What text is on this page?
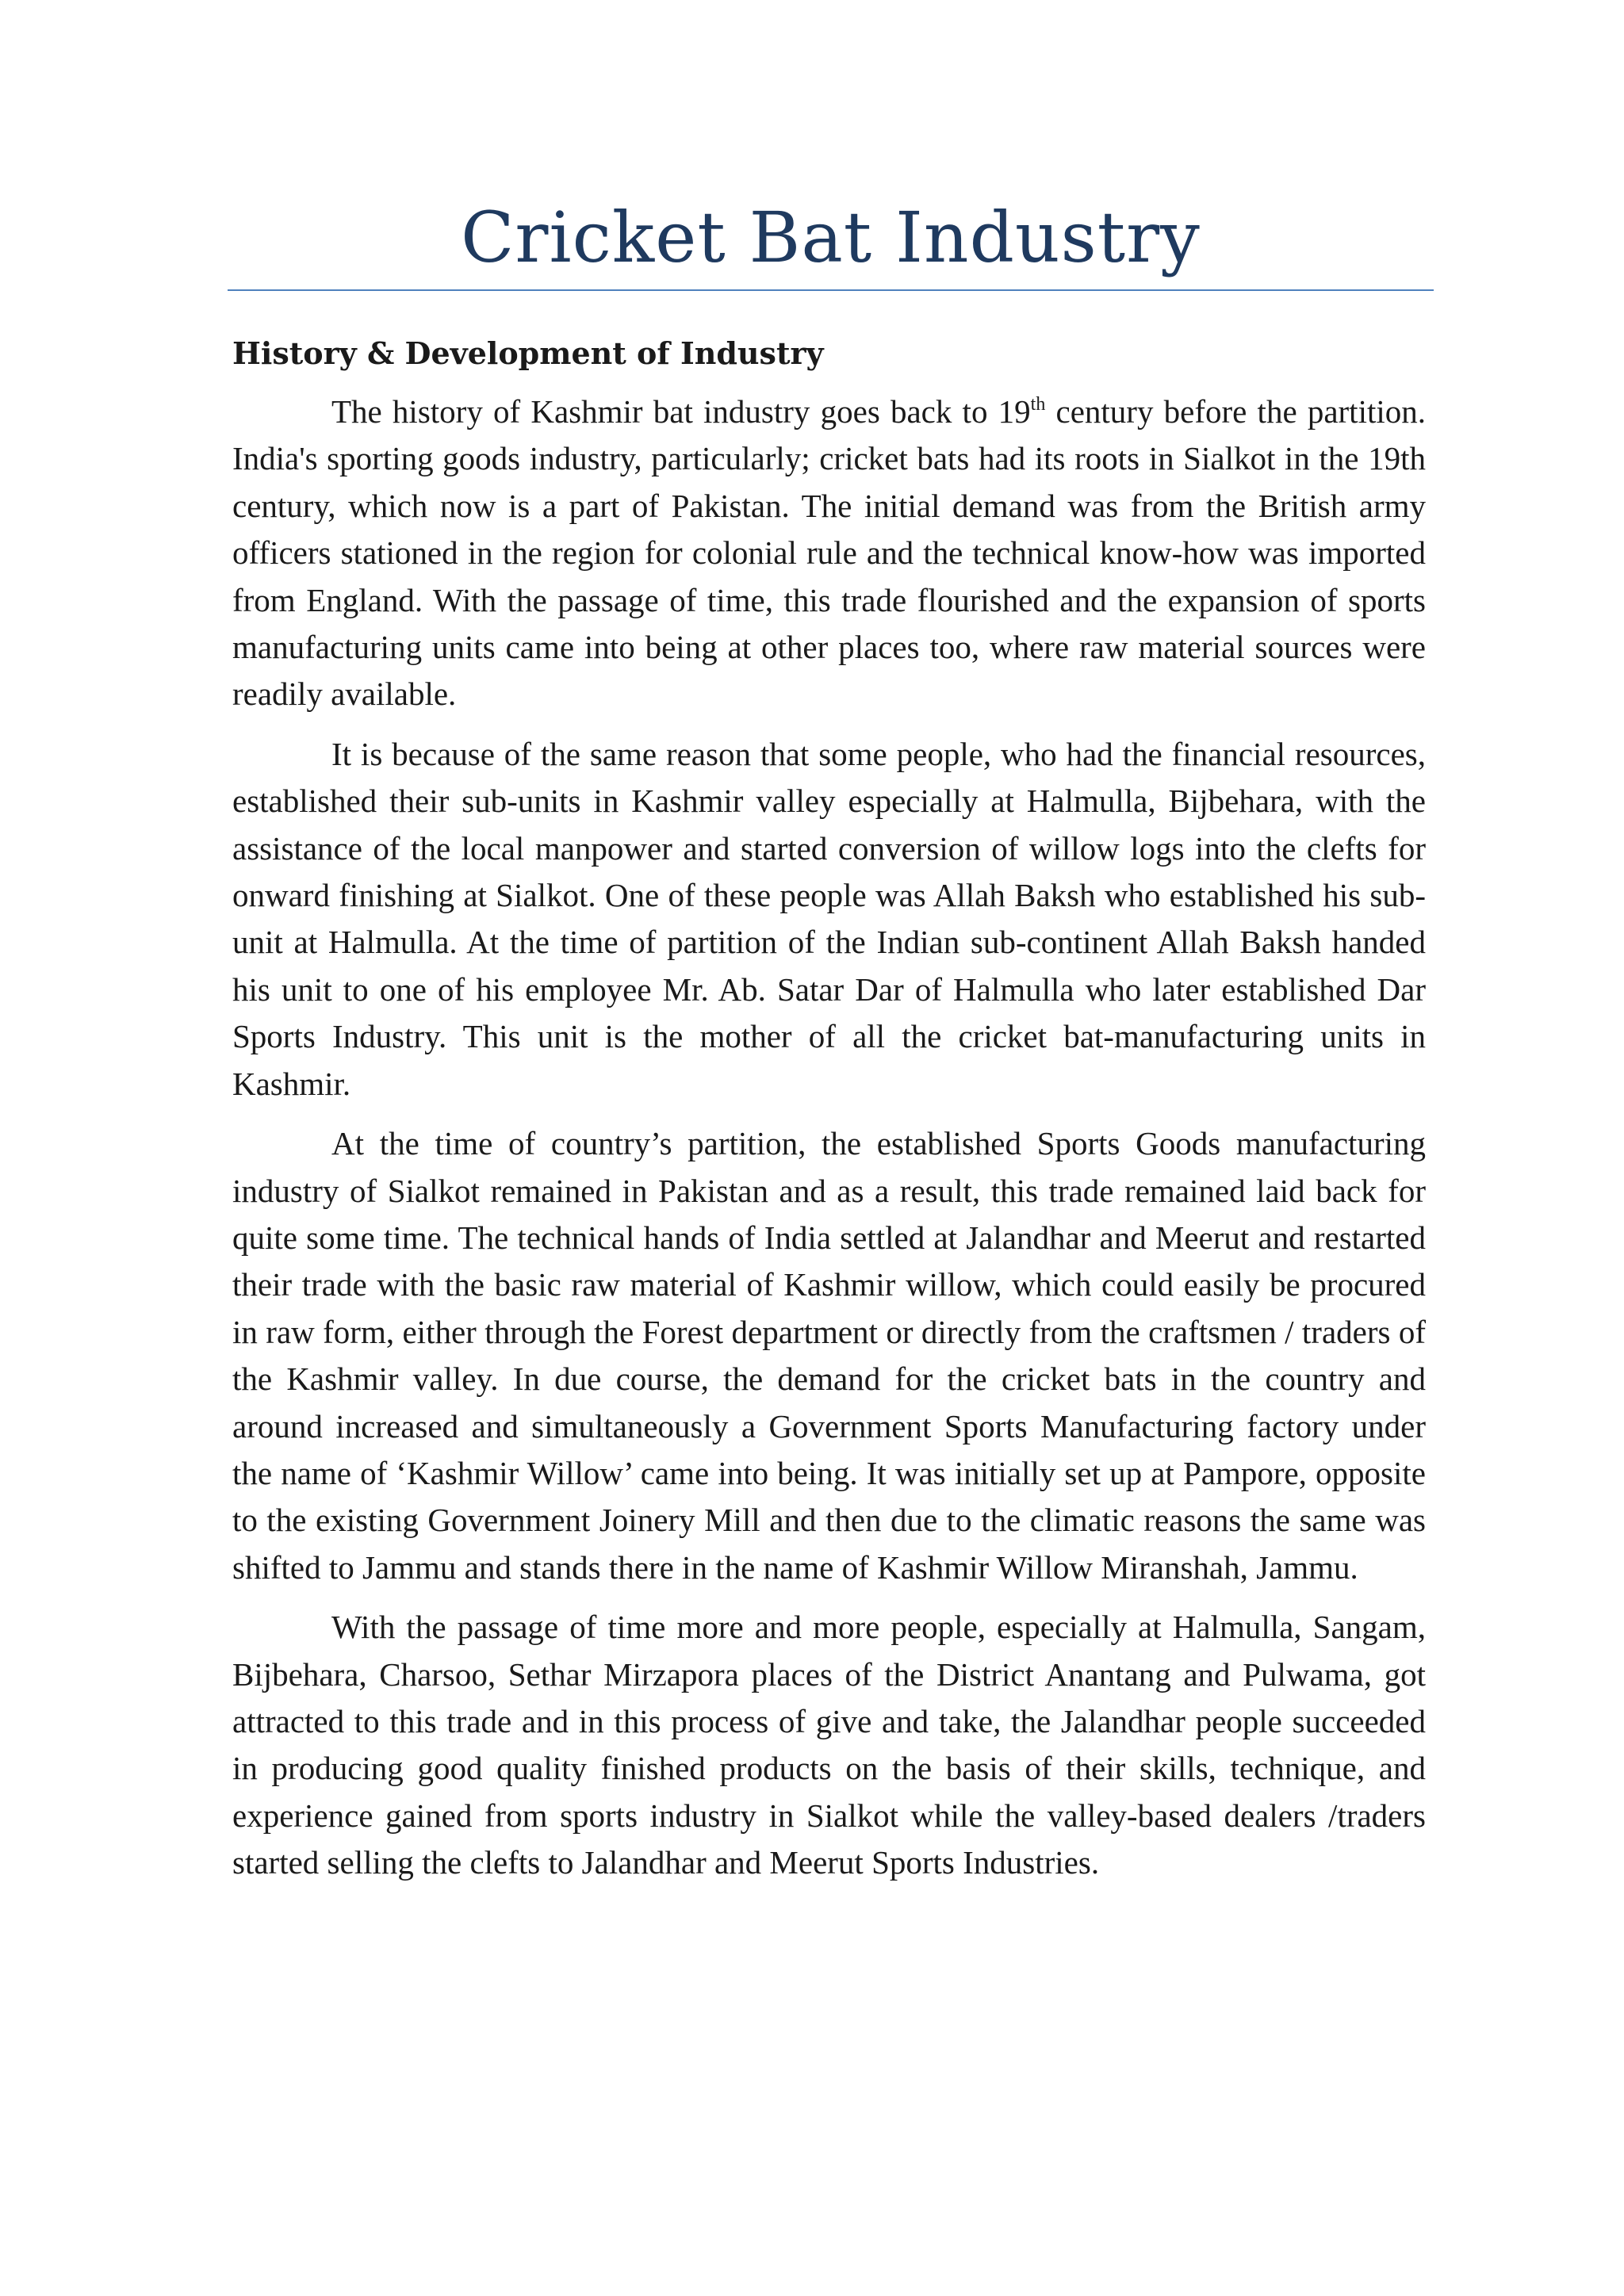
Cricket Bat Industry
History & Development of Industry

The history of Kashmir bat industry goes back to 19th century before the partition. India's sporting goods industry, particularly; cricket bats had its roots in Sialkot in the 19th century, which now is a part of Pakistan. The initial demand was from the British army officers stationed in the region for colonial rule and the technical know-how was imported from England. With the passage of time, this trade flourished and the expansion of sports manufacturing units came into being at other places too, where raw material sources were readily available.

It is because of the same reason that some people, who had the financial resources, established their sub-units in Kashmir valley especially at Halmulla, Bijbehara, with the assistance of the local manpower and started conversion of willow logs into the clefts for onward finishing at Sialkot. One of these people was Allah Baksh who established his sub-unit at Halmulla. At the time of partition of the Indian sub-continent Allah Baksh handed his unit to one of his employee Mr. Ab. Satar Dar of Halmulla who later established Dar Sports Industry. This unit is the mother of all the cricket bat-manufacturing units in Kashmir.

At the time of country’s partition, the established Sports Goods manufacturing industry of Sialkot remained in Pakistan and as a result, this trade remained laid back for quite some time. The technical hands of India settled at Jalandhar and Meerut and restarted their trade with the basic raw material of Kashmir willow, which could easily be procured in raw form, either through the Forest department or directly from the craftsmen / traders of the Kashmir valley. In due course, the demand for the cricket bats in the country and around increased and simultaneously a Government Sports Manufacturing factory under the name of ‘Kashmir Willow’ came into being. It was initially set up at Pampore, opposite to the existing Government Joinery Mill and then due to the climatic reasons the same was shifted to Jammu and stands there in the name of Kashmir Willow Miranshah, Jammu.

With the passage of time more and more people, especially at Halmulla, Sangam, Bijbehara, Charsoo, Sethar Mirzapora places of the District Anantang and Pulwama, got attracted to this trade and in this process of give and take, the Jalandhar people succeeded in producing good quality finished products on the basis of their skills, technique, and experience gained from sports industry in Sialkot while the valley-based dealers /traders started selling the clefts to Jalandhar and Meerut Sports Industries.
